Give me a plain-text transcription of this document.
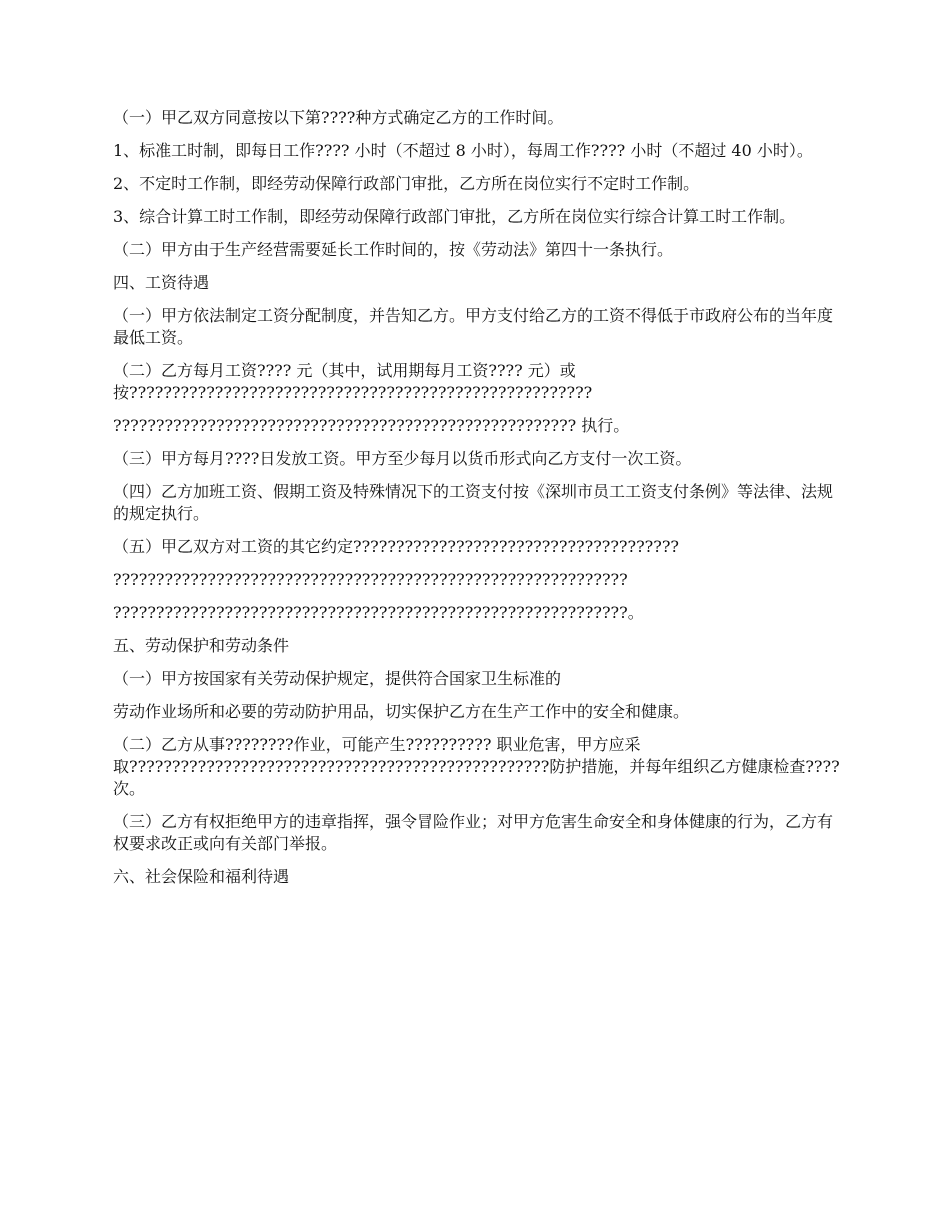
（一）甲乙双方同意按以下第????种方式确定乙方的工作时间。

1、标准工时制，即每日工作???? 小时（不超过 8 小时），每周工作???? 小时（不超过 40 小时）。

2、不定时工作制，即经劳动保障行政部门审批，乙方所在岗位实行不定时工作制。

3、综合计算工时工作制，即经劳动保障行政部门审批，乙方所在岗位实行综合计算工时工作制。

（二）甲方由于生产经营需要延长工作时间的，按《劳动法》第四十一条执行。

四、工资待遇

（一）甲方依法制定工资分配制度，并告知乙方。甲方支付给乙方的工资不得低于市政府公布的当年度最低工资。

（二）乙方每月工资???? 元（其中，试用期每月工资???? 元）或按??????????????????????????????????????????????????????

?????????????????????????????????????????????????????? 执行。

（三）甲方每月????日发放工资。甲方至少每月以货币形式向乙方支付一次工资。

（四）乙方加班工资、假期工资及特殊情况下的工资支付按《深圳市员工工资支付条例》等法律、法规的规定执行。

（五）甲乙双方对工资的其它约定??????????????????????????????????????

????????????????????????????????????????????????????????????

????????????????????????????????????????????????????????????。

五、劳动保护和劳动条件

（一）甲方按国家有关劳动保护规定，提供符合国家卫生标准的

劳动作业场所和必要的劳动防护用品，切实保护乙方在生产工作中的安全和健康。

（二）乙方从事????????作业，可能产生?????????? 职业危害，甲方应采取?????????????????????????????????????????????????防护措施，并每年组织乙方健康检查????次。

（三）乙方有权拒绝甲方的违章指挥，强令冒险作业；对甲方危害生命安全和身体健康的行为，乙方有权要求改正或向有关部门举报。

六、社会保险和福利待遇
